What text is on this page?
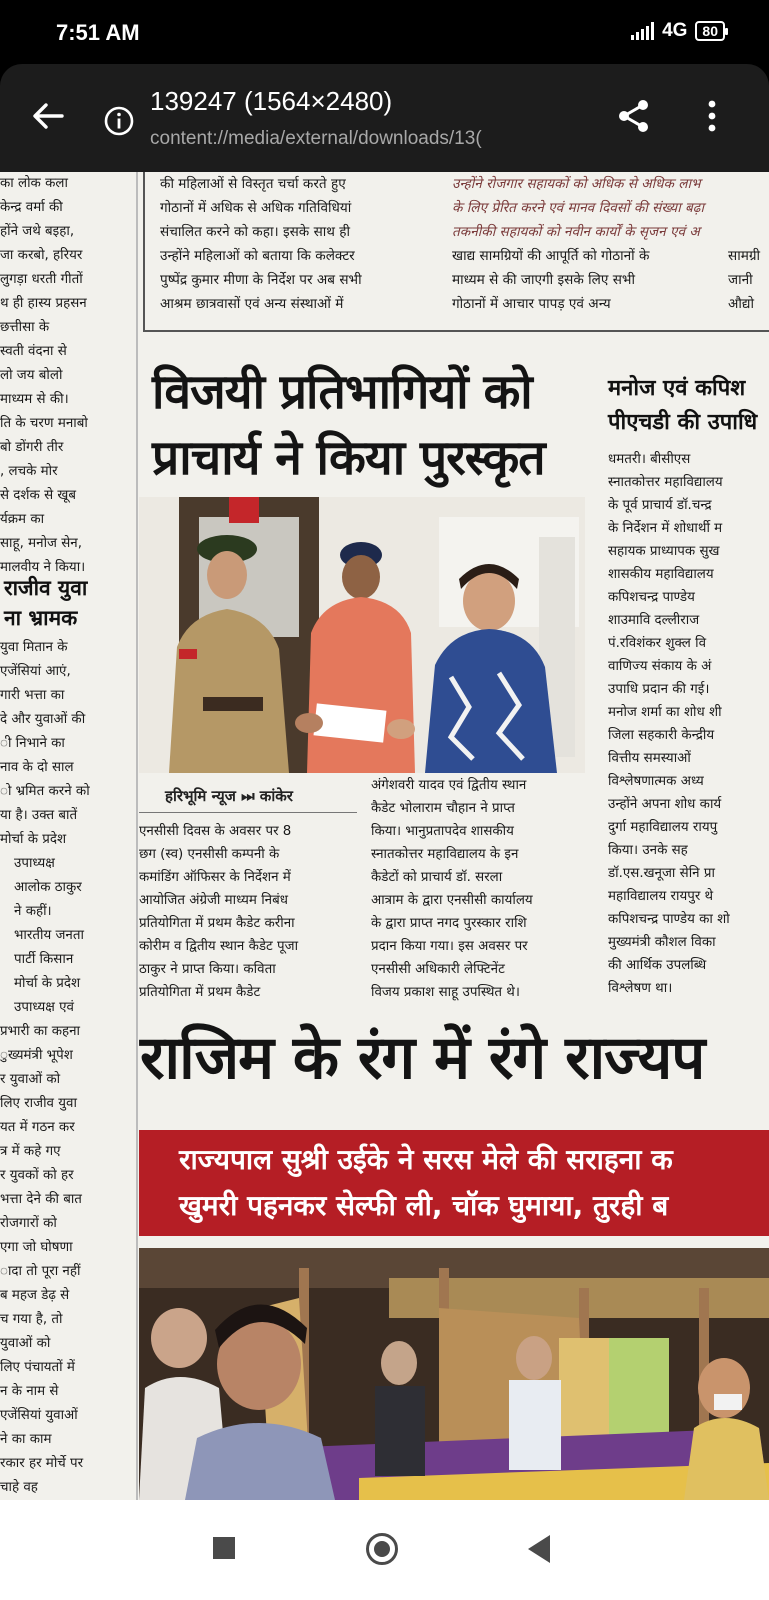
7:51 AM	4G	80
139247 (1564×2480)
content://media/external/downloads/13(
का लोक कला
केन्द्र वर्मा की
होंने जथे बइहा,
जा करबो, हरियर
लुगड़ा धरती गीतों
थ ही हास्य प्रहसन
छत्तीसा के
स्वती वंदना से
लो जय बोलो
माध्यम से की।
ति के चरण मनाबो
बो डोंगरी तीर
, लचके मोर
से दर्शक से खूब
र्यक्रम का
साहू, मनोज सेन,
मालवीय ने किया।
राजीव युवा
ना भ्रामक
युवा मितान के
एजेंसियां आएं,
गारी भत्ता का
दे और युवाओं की
ी निभाने का
नाव के दो साल
ो भ्रमित करने को
या है। उक्त बातें
मोर्चा के प्रदेश
उपाध्यक्ष
आलोक ठाकुर
ने कहीं।
भारतीय जनता
पार्टी किसान
मोर्चा के प्रदेश
उपाध्यक्ष एवं
प्रभारी का कहना
ुख्यमंत्री भूपेश
र युवाओं को
लिए राजीव युवा
यत में गठन कर
त्र में कहे गए
र युवकों को हर
भत्ता देने की बात
रोजगारों को
एगा जो घोषणा
ादा तो पूरा नहीं
ब महज डेढ़ से
च गया है, तो
युवाओं को
लिए पंचायतों में
न के नाम से
एजेंसियां युवाओं
ने का काम
रकार हर मोर्चे पर
चाहे वह
की महिलाओं से विस्तृत चर्चा करते हुए
गोठानों में अधिक से अधिक गतिविधियां
संचालित करने को कहा। इसके साथ ही
उन्होंने महिलाओं को बताया कि कलेक्टर
पुष्पेंद्र कुमार मीणा के निर्देश पर अब सभी
आश्रम छात्रवासों एवं अन्य संस्थाओं में
उन्होंने रोजगार सहायकों को अधिक से अधिक लाभ
के लिए प्रेरित करने एवं मानव दिवसों की संख्या बढ़ा
तकनीकी सहायकों को नवीन कार्यों के सृजन एवं अ
खाद्य सामग्रियों की आपूर्ति को गोठानों के
माध्यम से की जाएगी इसके लिए सभी
गोठानों में आचार पापड़ एवं अन्य
सामग्री
जानी
औद्यो
विजयी प्रतिभागियों को
प्राचार्य ने किया पुरस्कृत
मनोज एवं कपिश
पीएचडी की उपाधि
धमतरी। बीसीएस
स्नातकोत्तर महाविद्यालय
के पूर्व प्राचार्य डॉ.चन्द्र
के निर्देशन में शोधार्थी म
सहायक प्राध्यापक सुख
शासकीय महाविद्यालय
कपिशचन्द्र पाण्डेय
शाउमावि दल्लीराज
पं.रविशंकर शुक्ल वि
वाणिज्य संकाय के अं
उपाधि प्रदान की गई।
मनोज शर्मा का शोध शी
जिला सहकारी केन्द्रीय
वित्तीय समस्याओं
विश्लेषणात्मक अध्य
उन्होंने अपना शोध कार्य
दुर्गा महाविद्यालय रायपु
किया। उनके सह
डॉ.एस.खनूजा सेनि प्रा
महाविद्यालय रायपुर थे
कपिशचन्द्र पाण्डेय का शो
मुख्यमंत्री कौशल विका
की आर्थिक उपलब्धि
विश्लेषण था।
हरिभूमि न्यूज ⏭ कांकेर
एनसीसी दिवस के अवसर पर 8
छग (स्व) एनसीसी कम्पनी के
कमांडिंग ऑफिसर के निर्देशन में
आयोजित अंग्रेजी माध्यम निबंध
प्रतियोगिता में प्रथम कैडेट करीना
कोरीम व द्वितीय स्थान कैडेट पूजा
ठाकुर ने प्राप्त किया। कविता
प्रतियोगिता में प्रथम कैडेट
अंगेशवरी यादव एवं द्वितीय स्थान
कैडेट भोलाराम चौहान ने प्राप्त
किया। भानुप्रतापदेव शासकीय
स्नातकोत्तर महाविद्यालय के इन
कैडेटों को प्राचार्य डॉ. सरला
आत्राम के द्वारा एनसीसी कार्यालय
के द्वारा प्राप्त नगद पुरस्कार राशि
प्रदान किया गया। इस अवसर पर
एनसीसी अधिकारी लेफ्टिनेंट
विजय प्रकाश साहू उपस्थित थे।
राजिम के रंग में रंगे राज्यप
राज्यपाल सुश्री उईके ने सरस मेले की सराहना क
खुमरी पहनकर सेल्फी ली, चॉक घुमाया, तुरही ब
